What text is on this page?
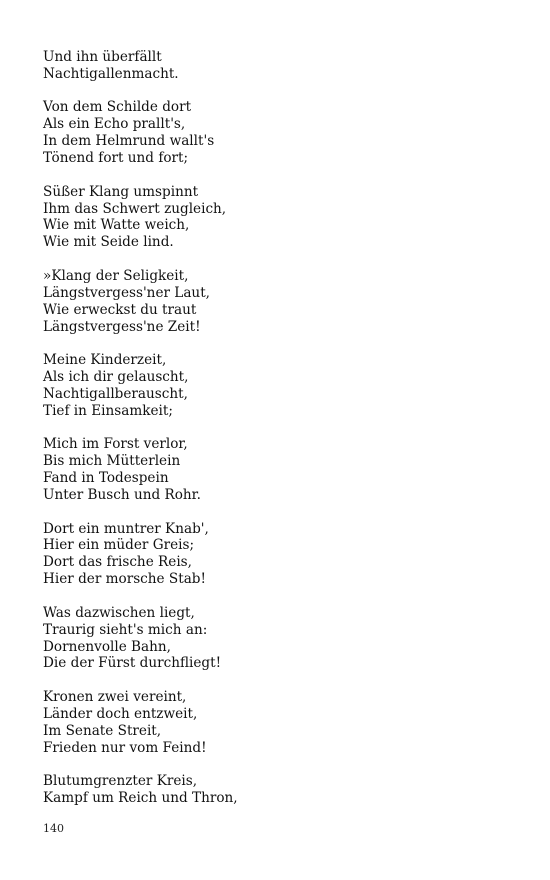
Und ihn überfällt
Nachtigallenmacht.
Von dem Schilde dort
Als ein Echo prallt's,
In dem Helmrund wallt's
Tönend fort und fort;
Süßer Klang umspinnt
Ihm das Schwert zugleich,
Wie mit Watte weich,
Wie mit Seide lind.
»Klang der Seligkeit,
Längstvergess'ner Laut,
Wie erweckst du traut
Längstvergess'ne Zeit!
Meine Kinderzeit,
Als ich dir gelauscht,
Nachtigallberauscht,
Tief in Einsamkeit;
Mich im Forst verlor,
Bis mich Mütterlein
Fand in Todespein
Unter Busch und Rohr.
Dort ein muntrer Knab',
Hier ein müder Greis;
Dort das frische Reis,
Hier der morsche Stab!
Was dazwischen liegt,
Traurig sieht's mich an:
Dornenvolle Bahn,
Die der Fürst durchfliegt!
Kronen zwei vereint,
Länder doch entzweit,
Im Senate Streit,
Frieden nur vom Feind!
Blutumgrenzter Kreis,
Kampf um Reich und Thron,
140
